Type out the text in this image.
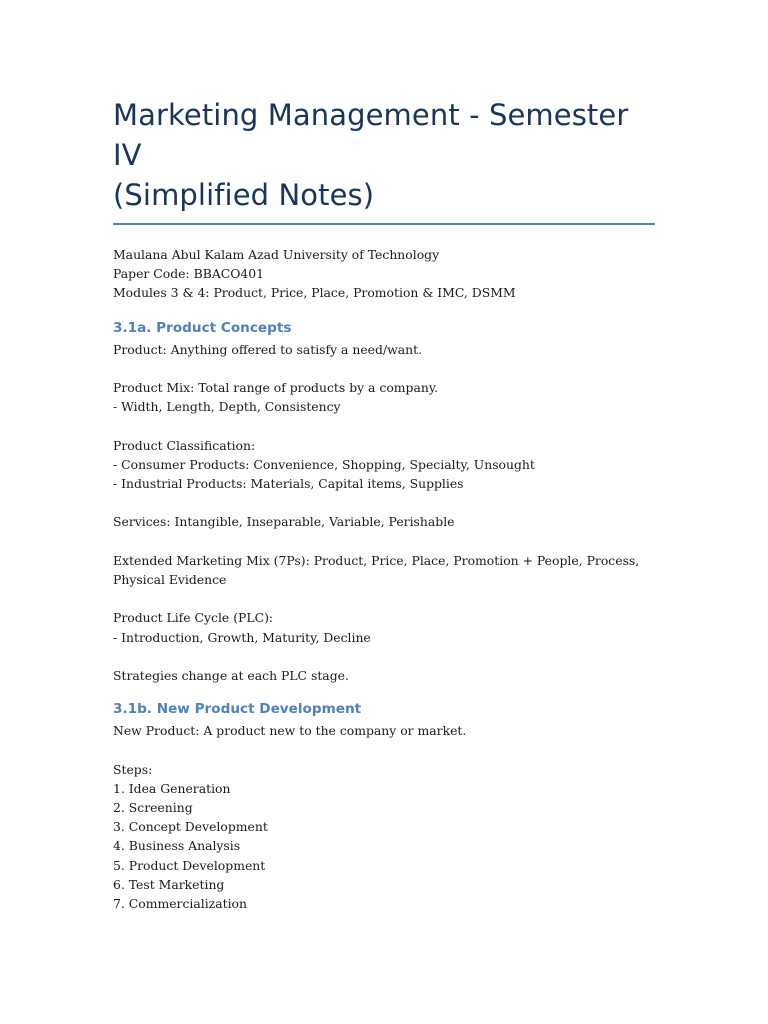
Marketing Management - Semester IV
(Simplified Notes)
Maulana Abul Kalam Azad University of Technology
Paper Code: BBACO401
Modules 3 & 4: Product, Price, Place, Promotion & IMC, DSMM
3.1a. Product Concepts
Product: Anything offered to satisfy a need/want.
Product Mix: Total range of products by a company.
- Width, Length, Depth, Consistency
Product Classification:
- Consumer Products: Convenience, Shopping, Specialty, Unsought
- Industrial Products: Materials, Capital items, Supplies
Services: Intangible, Inseparable, Variable, Perishable
Extended Marketing Mix (7Ps): Product, Price, Place, Promotion + People, Process, Physical Evidence
Product Life Cycle (PLC):
- Introduction, Growth, Maturity, Decline
Strategies change at each PLC stage.
3.1b. New Product Development
New Product: A product new to the company or market.
Steps:
1. Idea Generation
2. Screening
3. Concept Development
4. Business Analysis
5. Product Development
6. Test Marketing
7. Commercialization
